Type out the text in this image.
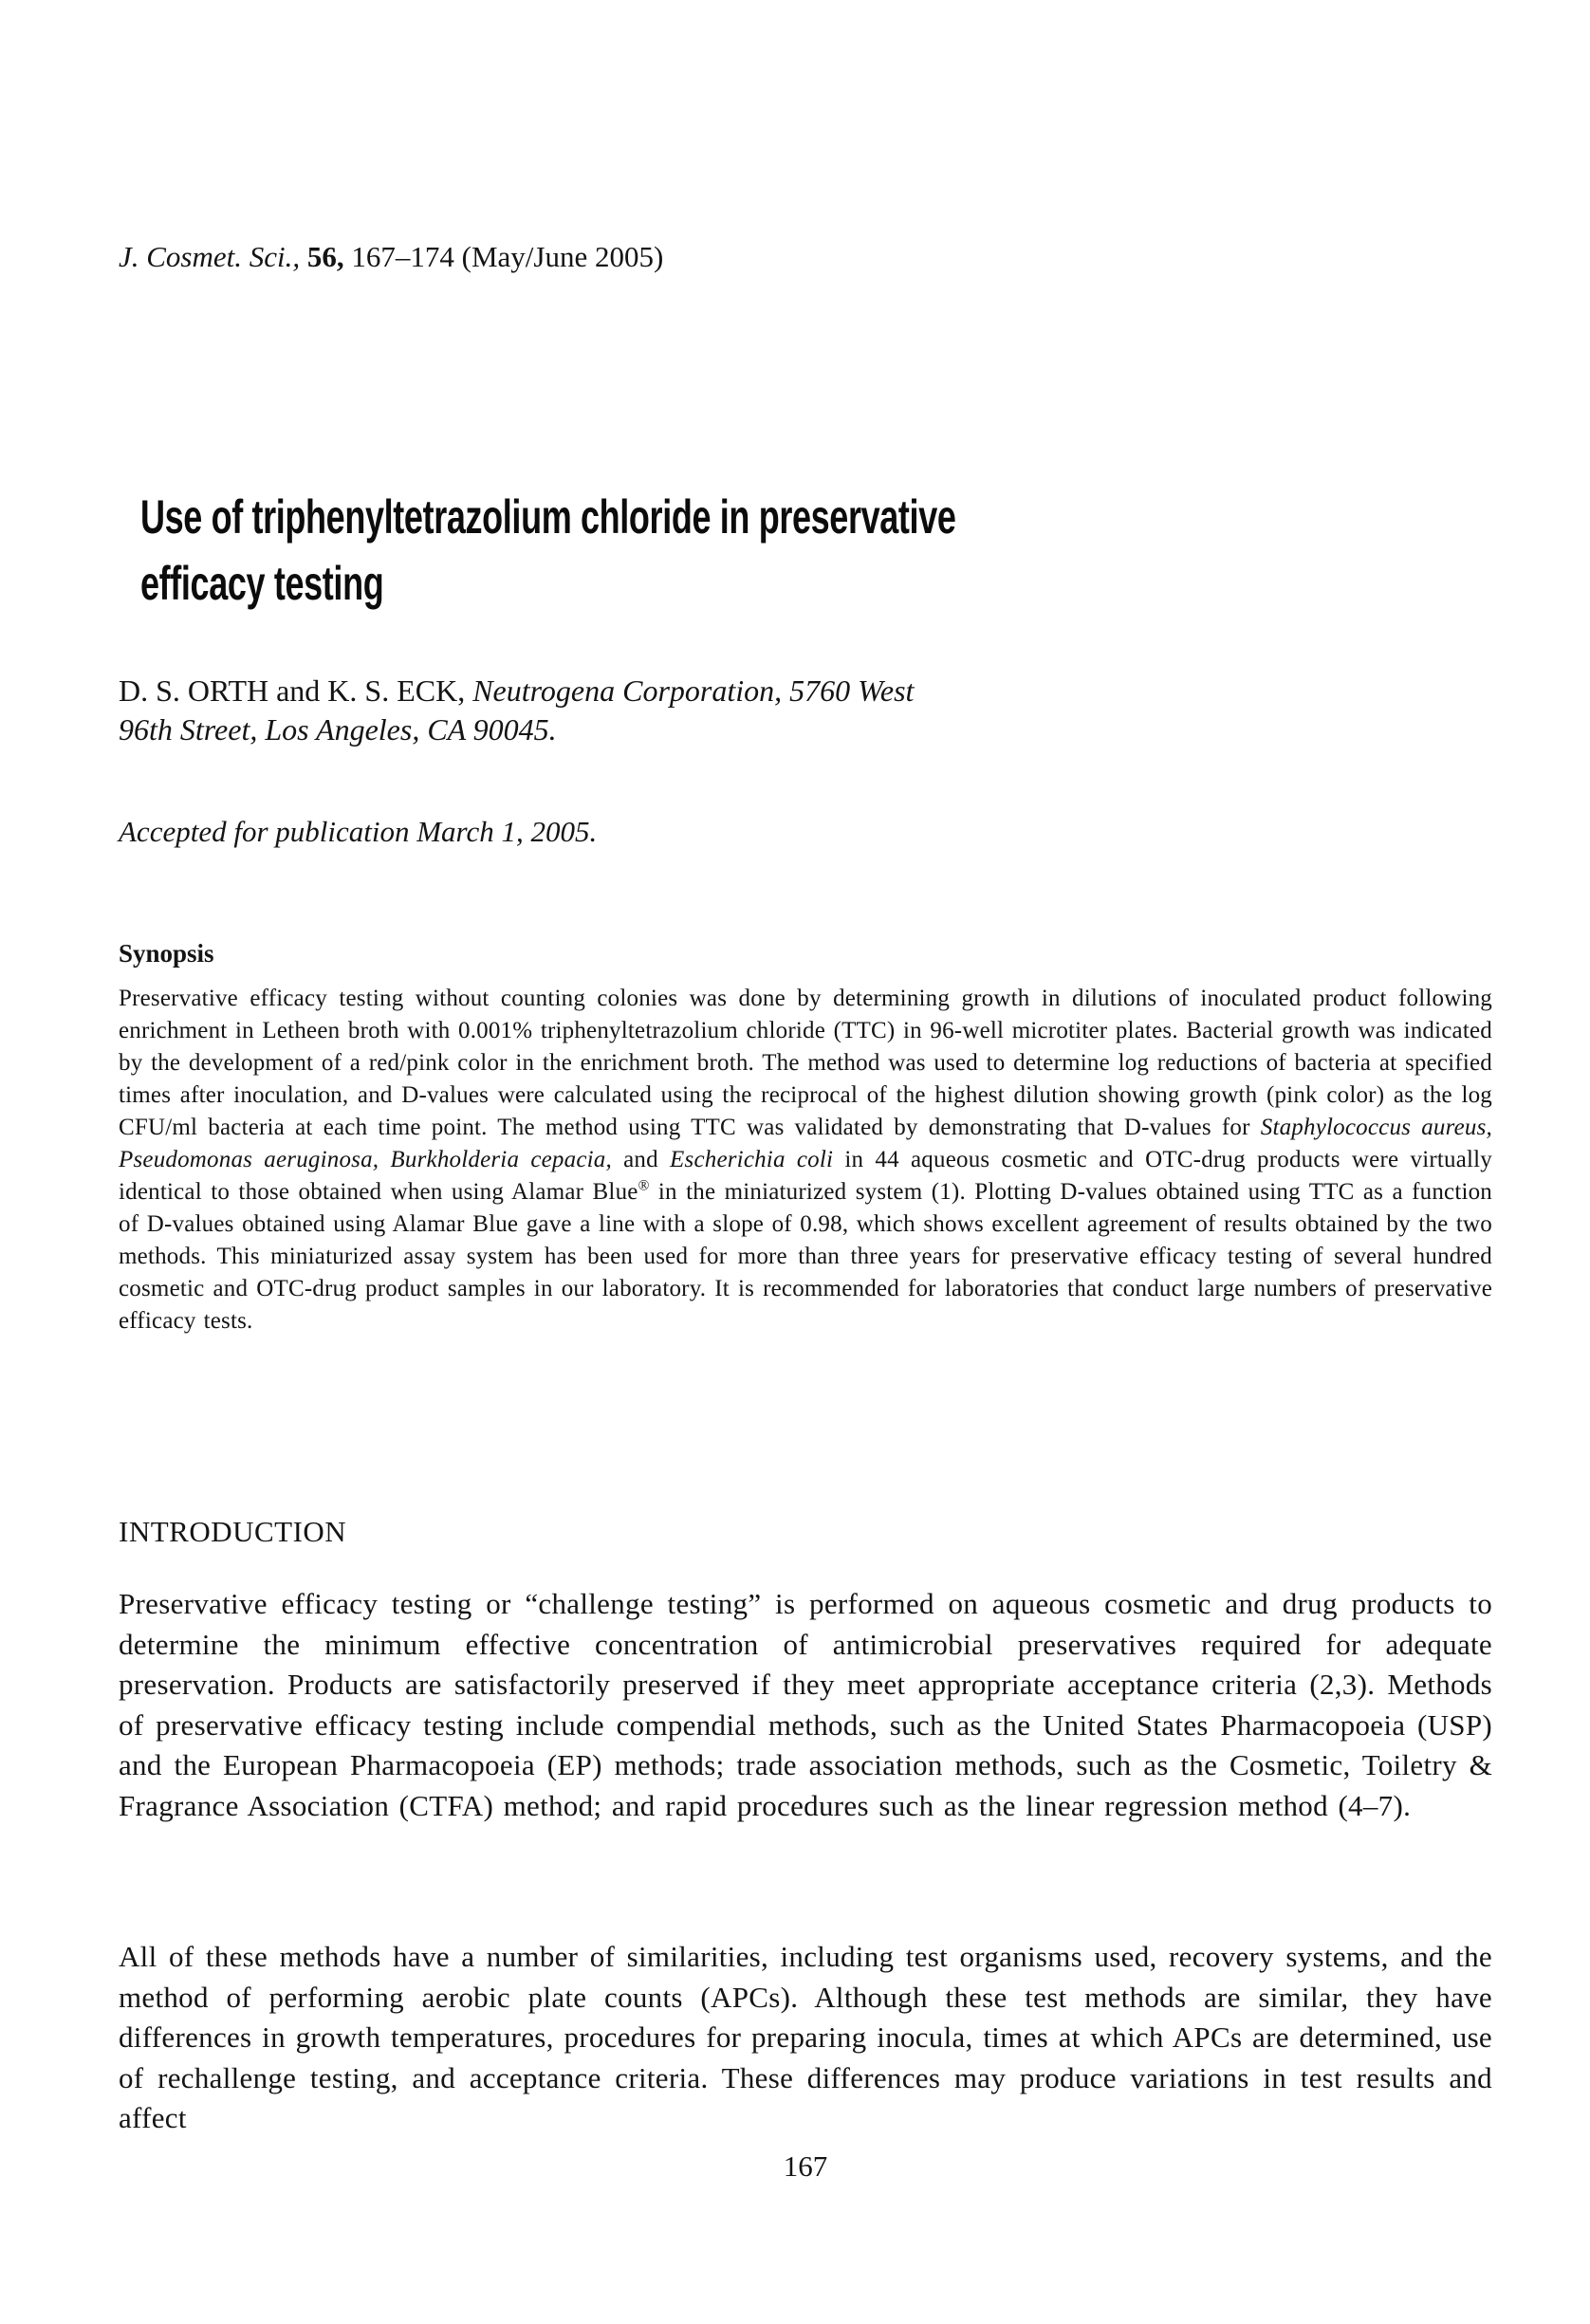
J. Cosmet. Sci., 56, 167–174 (May/June 2005)

Use of triphenyltetrazolium chloride in preservative
efficacy testing

D. S. ORTH and K. S. ECK, Neutrogena Corporation, 5760 West
96th Street, Los Angeles, CA 90045.

Accepted for publication March 1, 2005.

Synopsis

Preservative efficacy testing without counting colonies was done by determining growth in dilutions of inoculated product following enrichment in Letheen broth with 0.001% triphenyltetrazolium chloride (TTC) in 96-well microtiter plates. Bacterial growth was indicated by the development of a red/pink color in the enrichment broth. The method was used to determine log reductions of bacteria at specified times after inoculation, and D-values were calculated using the reciprocal of the highest dilution showing growth (pink color) as the log CFU/ml bacteria at each time point. The method using TTC was validated by demonstrating that D-values for Staphylococcus aureus, Pseudomonas aeruginosa, Burkholderia cepacia, and Escherichia coli in 44 aqueous cosmetic and OTC-drug products were virtually identical to those obtained when using Alamar Blue® in the miniaturized system (1). Plotting D-values obtained using TTC as a function of D-values obtained using Alamar Blue gave a line with a slope of 0.98, which shows excellent agreement of results obtained by the two methods. This miniaturized assay system has been used for more than three years for preservative efficacy testing of several hundred cosmetic and OTC-drug product samples in our laboratory. It is recommended for laboratories that conduct large numbers of preservative efficacy tests.

INTRODUCTION

Preservative efficacy testing or “challenge testing” is performed on aqueous cosmetic and drug products to determine the minimum effective concentration of antimicrobial preservatives required for adequate preservation. Products are satisfactorily preserved if they meet appropriate acceptance criteria (2,3). Methods of preservative efficacy testing include compendial methods, such as the United States Pharmacopoeia (USP) and the European Pharmacopoeia (EP) methods; trade association methods, such as the Cosmetic, Toiletry & Fragrance Association (CTFA) method; and rapid procedures such as the linear regression method (4–7).

All of these methods have a number of similarities, including test organisms used, recovery systems, and the method of performing aerobic plate counts (APCs). Although these test methods are similar, they have differences in growth temperatures, procedures for preparing inocula, times at which APCs are determined, use of rechallenge testing, and acceptance criteria. These differences may produce variations in test results and affect

167
